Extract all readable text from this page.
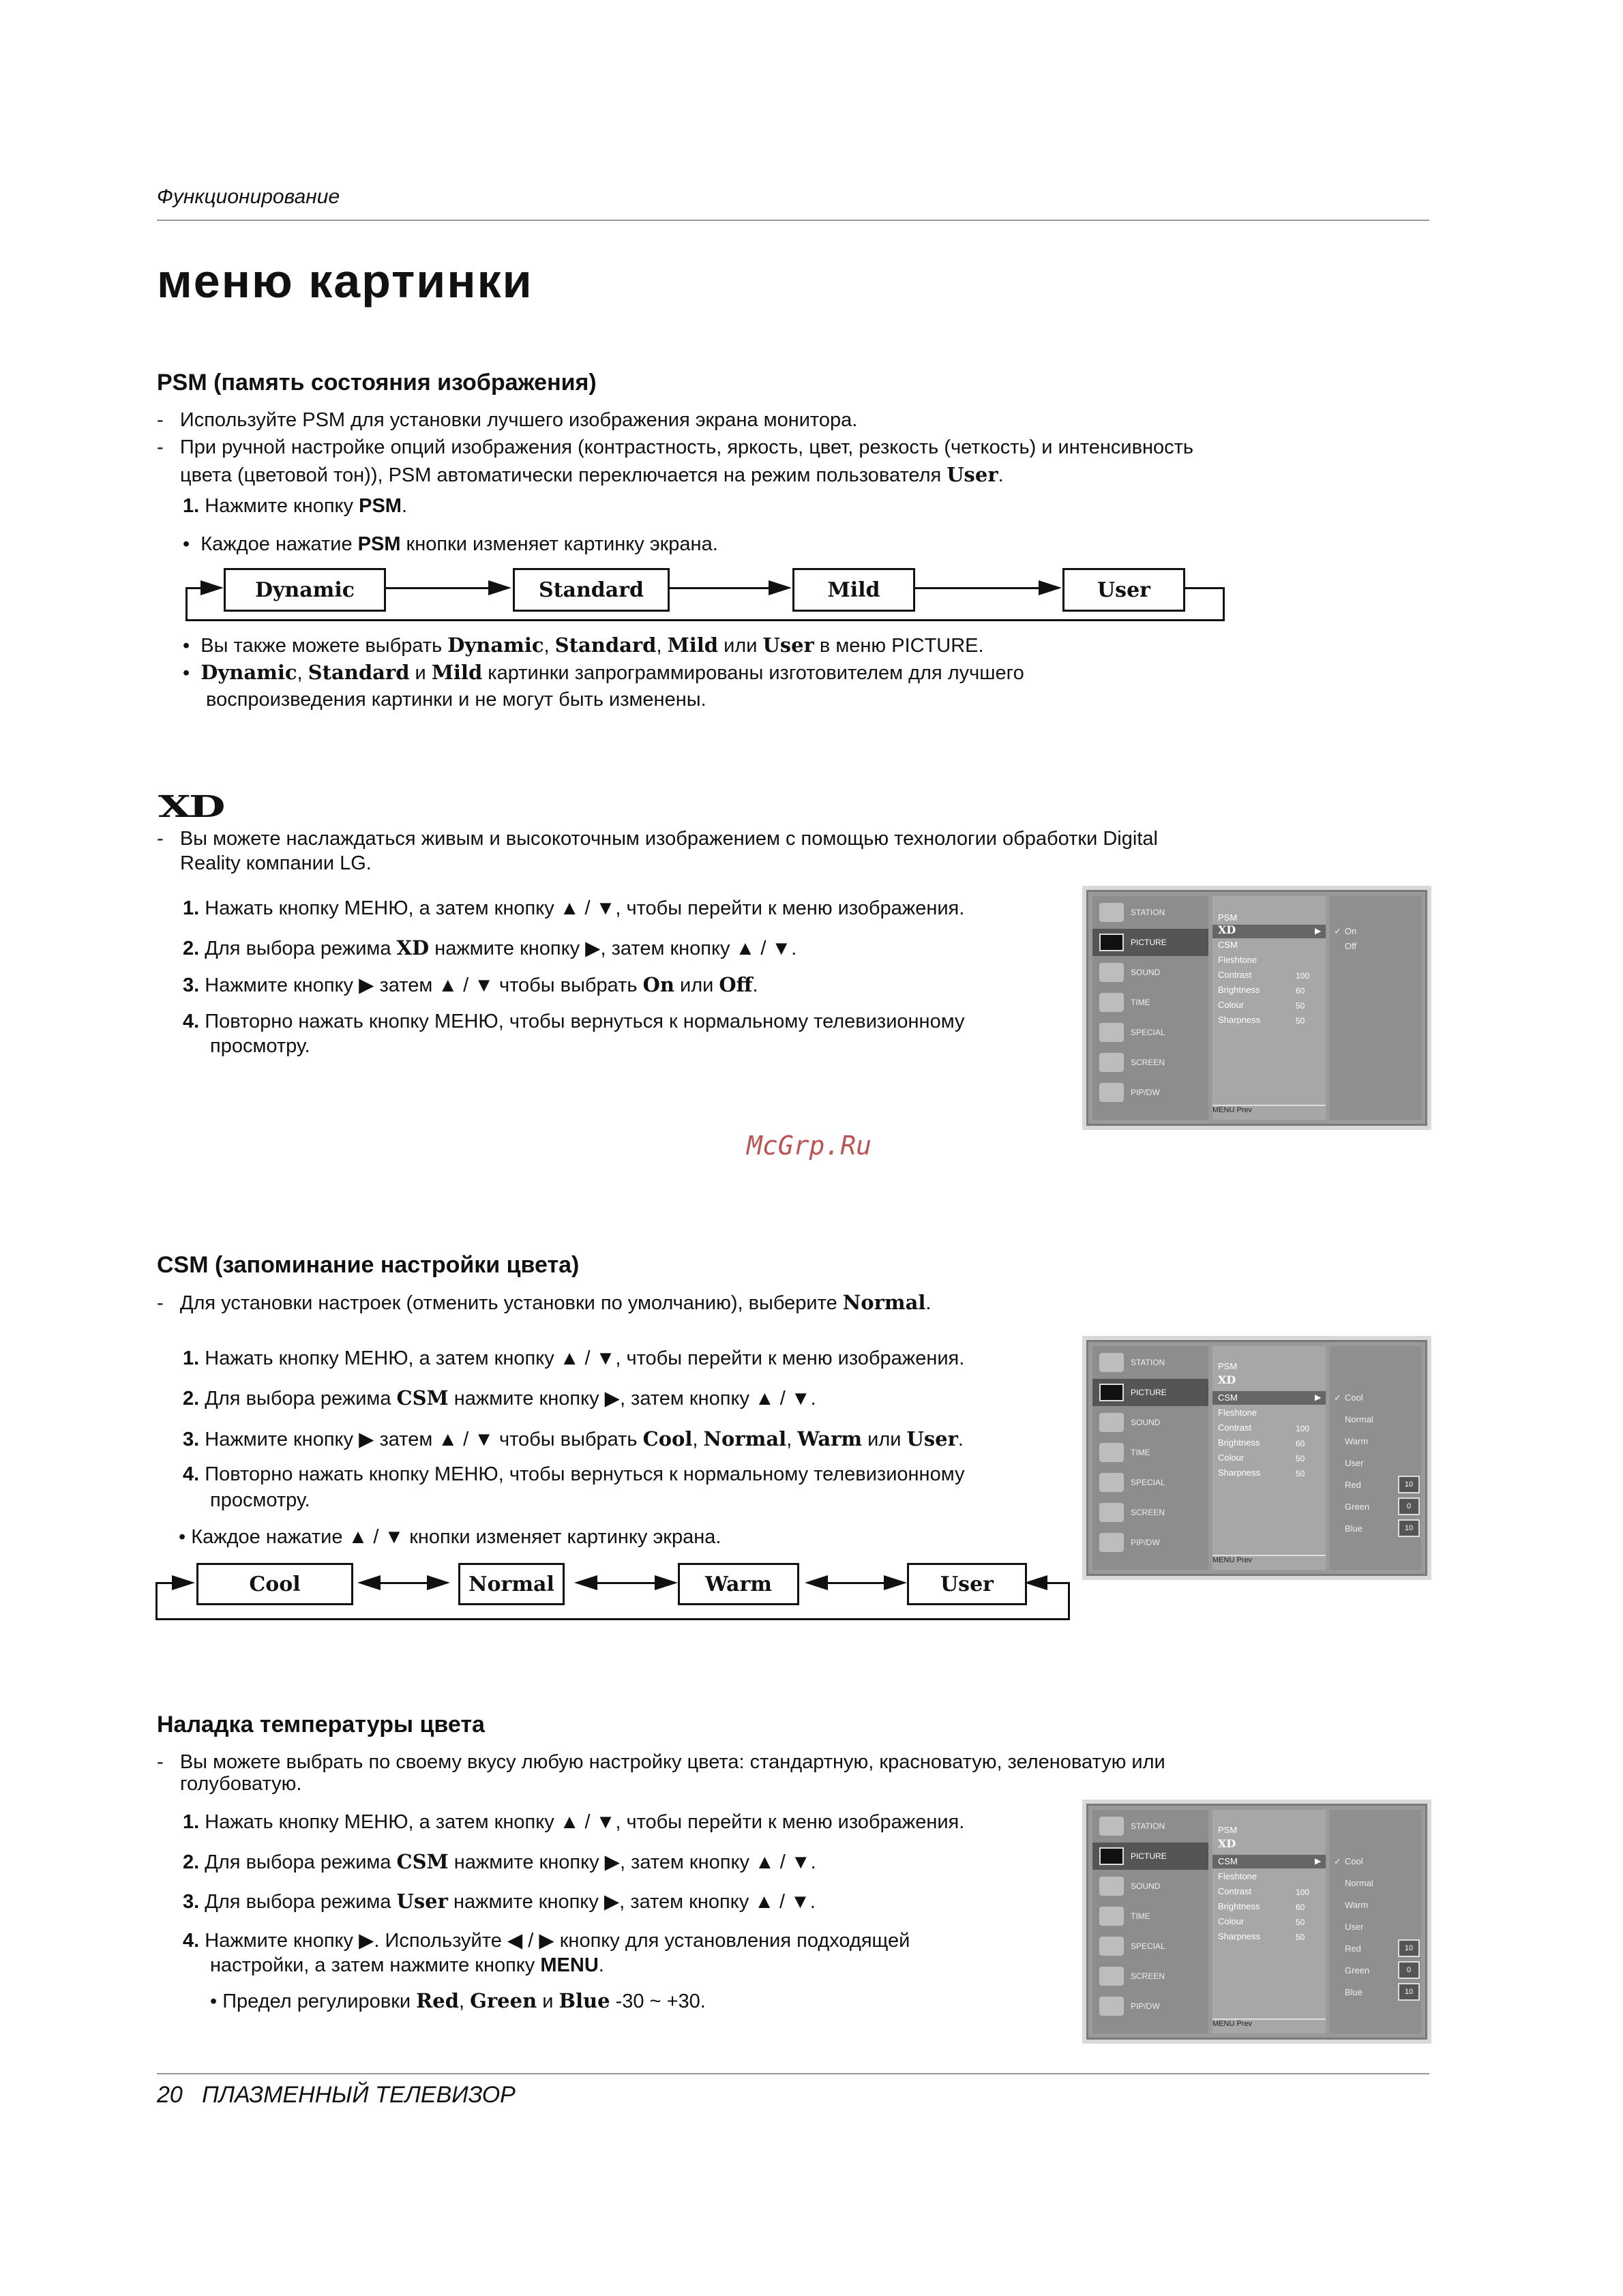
Функционирование
меню картинки
PSM (память состояния изображения)
-   Используйте PSM для установки лучшего изображения экрана монитора.
-   При ручной настройке опций изображения (контрастность, яркость, цвет, резкость (четкость) и интенсивность
цвета (цветовой тон)), PSM автоматически переключается на режим пользователя User.
1. Нажмите кнопку PSM.
•  Каждое нажатие PSM кнопки изменяет картинку экрана.
Dynamic	Standard	Mild	User
•  Вы также можете выбрать Dynamic, Standard, Mild или User в меню PICTURE.
•  Dynamic, Standard и Mild картинки запрограммированы изготовителем для лучшего
воспроизведения картинки и не могут быть изменены.
XD
-   Вы можете наслаждаться живым и высокоточным изображением с помощью технологии обработки Digital
Reality компании LG.
1. Нажать кнопку МЕНЮ, а затем кнопку ▲ / ▼, чтобы перейти к меню изображения.
2. Для выбора режима XD нажмите кнопку ▶, затем кнопку ▲ / ▼.
3. Нажмите кнопку ▶ затем ▲ / ▼ чтобы выбрать On или Off.
4. Повторно нажать кнопку МЕНЮ, чтобы вернуться к нормальному телевизионному
просмотру.
STATION
PICTURE
SOUND
TIME
SPECIAL
SCREEN
PIP/DW
PSM
XD	▶
CSM
Fleshtone
Contrast	100
Brightness	60
Colour	50
Sharpness	50
MENU Prev
✓ On
Off
McGrp.Ru
CSM (запоминание настройки цвета)
-   Для установки настроек (отменить установки по умолчанию), выберите Normal.
1. Нажать кнопку МЕНЮ, а затем кнопку ▲ / ▼, чтобы перейти к меню изображения.
2. Для выбора режима CSM нажмите кнопку ▶, затем кнопку ▲ / ▼.
3. Нажмите кнопку ▶ затем ▲ / ▼ чтобы выбрать Cool, Normal, Warm или User.
4. Повторно нажать кнопку МЕНЮ, чтобы вернуться к нормальному телевизионному
просмотру.
• Каждое нажатие ▲ / ▼ кнопки изменяет картинку экрана.
Cool	Normal	Warm	User
STATION
PICTURE
SOUND
TIME
SPECIAL
SCREEN
PIP/DW
PSM
XD
CSM	▶
Fleshtone
Contrast	100
Brightness	60
Colour	50
Sharpness	50
MENU Prev
✓ Cool
Normal
Warm
User
Red	10
Green	0
Blue	10
Наладка температуры цвета
-   Вы можете выбрать по своему вкусу любую настройку цвета: стандартную, красноватую, зеленоватую или
голубоватую.
1. Нажать кнопку МЕНЮ, а затем кнопку ▲ / ▼, чтобы перейти к меню изображения.
2. Для выбора режима CSM нажмите кнопку ▶, затем кнопку ▲ / ▼.
3. Для выбора режима User нажмите кнопку ▶, затем кнопку ▲ / ▼.
4. Нажмите кнопку ▶. Используйте ◀ / ▶ кнопку для установления подходящей
настройки, а затем нажмите кнопку MENU.
• Предел регулировки Red, Green и Blue -30 ~ +30.
STATION
PICTURE
SOUND
TIME
SPECIAL
SCREEN
PIP/DW
PSM
XD
CSM	▶
Fleshtone
Contrast	100
Brightness	60
Colour	50
Sharpness	50
MENU Prev
✓ Cool
Normal
Warm
User
Red	10
Green	0
Blue	10
20 ПЛАЗМЕННЫЙ ТЕЛЕВИЗОР
